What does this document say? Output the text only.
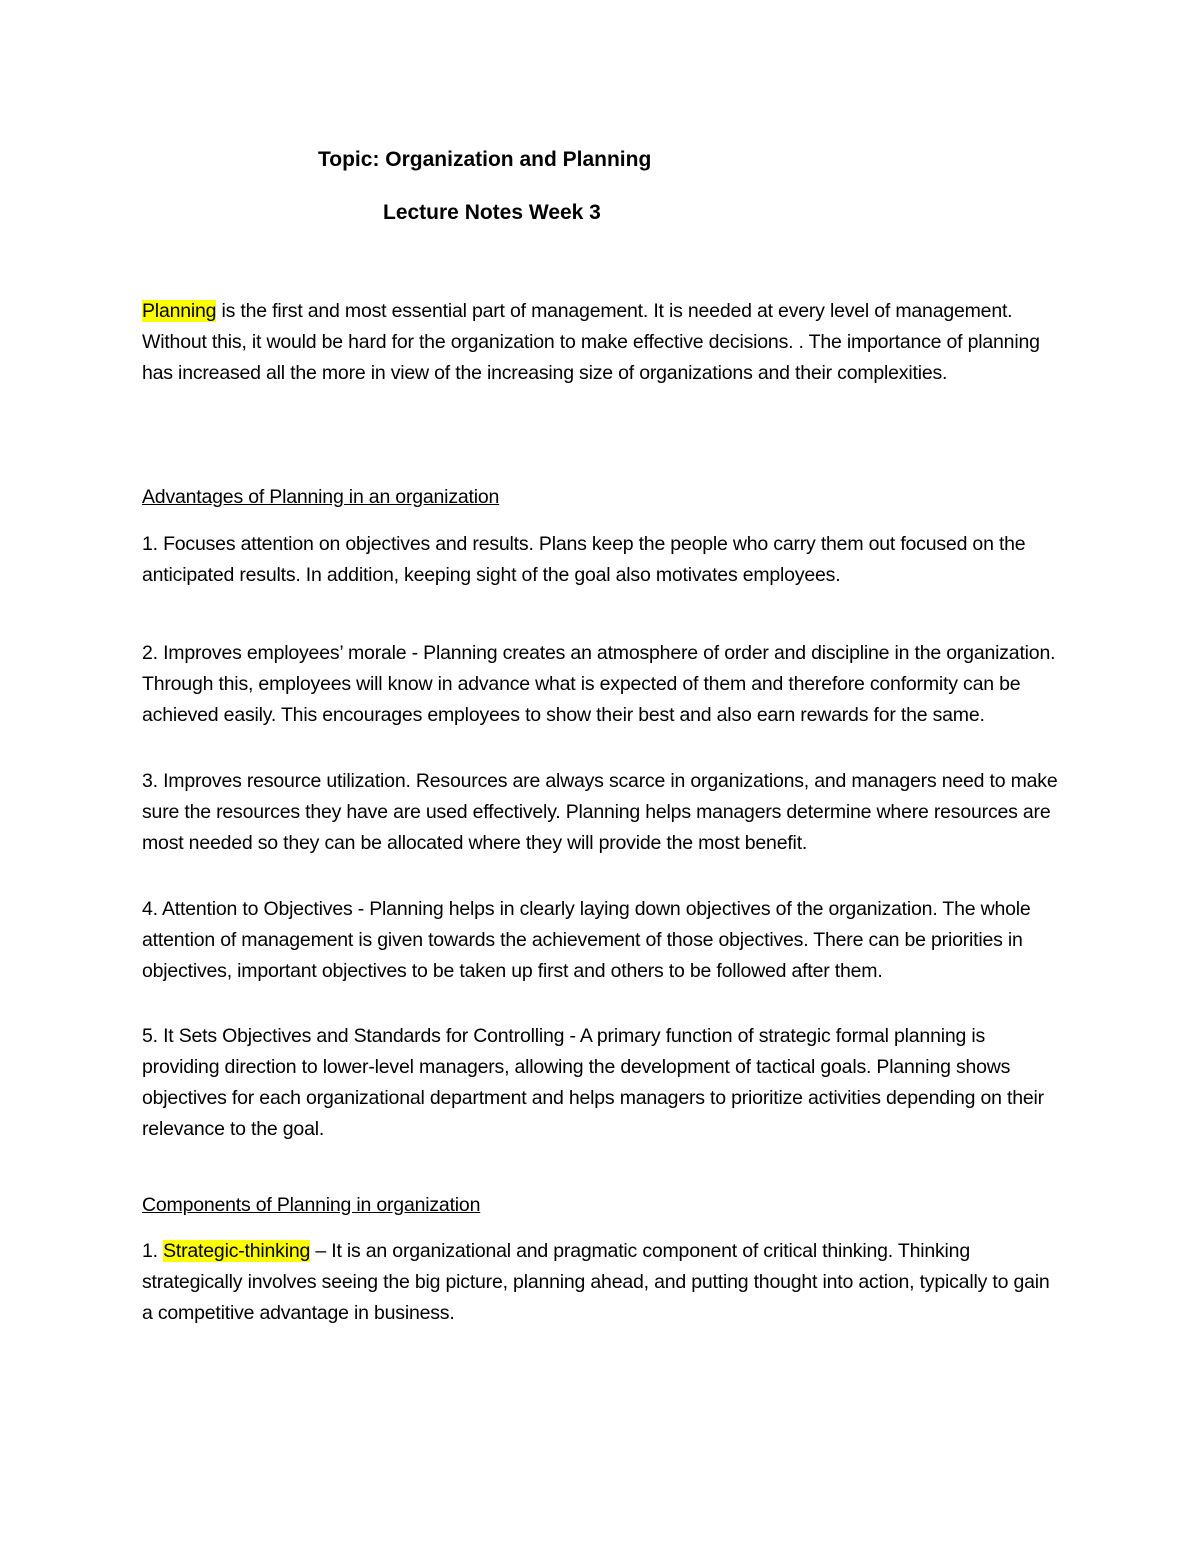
Topic: Organization and Planning
Lecture Notes Week 3
Planning is the first and most essential part of management. It is needed at every level of management. Without this, it would be hard for the organization to make effective decisions. . The importance of planning has increased all the more in view of the increasing size of organizations and their complexities.
Advantages of Planning in an organization
1. Focuses attention on objectives and results. Plans keep the people who carry them out focused on the anticipated results. In addition, keeping sight of the goal also motivates employees.
2. Improves employees’ morale - Planning creates an atmosphere of order and discipline in the organization. Through this, employees will know in advance what is expected of them and therefore conformity can be achieved easily. This encourages employees to show their best and also earn rewards for the same.
3. Improves resource utilization. Resources are always scarce in organizations, and managers need to make sure the resources they have are used effectively. Planning helps managers determine where resources are most needed so they can be allocated where they will provide the most benefit.
4. Attention to Objectives - Planning helps in clearly laying down objectives of the organization. The whole attention of management is given towards the achievement of those objectives. There can be priorities in objectives, important objectives to be taken up first and others to be followed after them.
5. It Sets Objectives and Standards for Controlling - A primary function of strategic formal planning is providing direction to lower-level managers, allowing the development of tactical goals. Planning shows objectives for each organizational department and helps managers to prioritize activities depending on their relevance to the goal.
Components of Planning in organization
1. Strategic-thinking – It is an organizational and pragmatic component of critical thinking. Thinking strategically involves seeing the big picture, planning ahead, and putting thought into action, typically to gain a competitive advantage in business.
